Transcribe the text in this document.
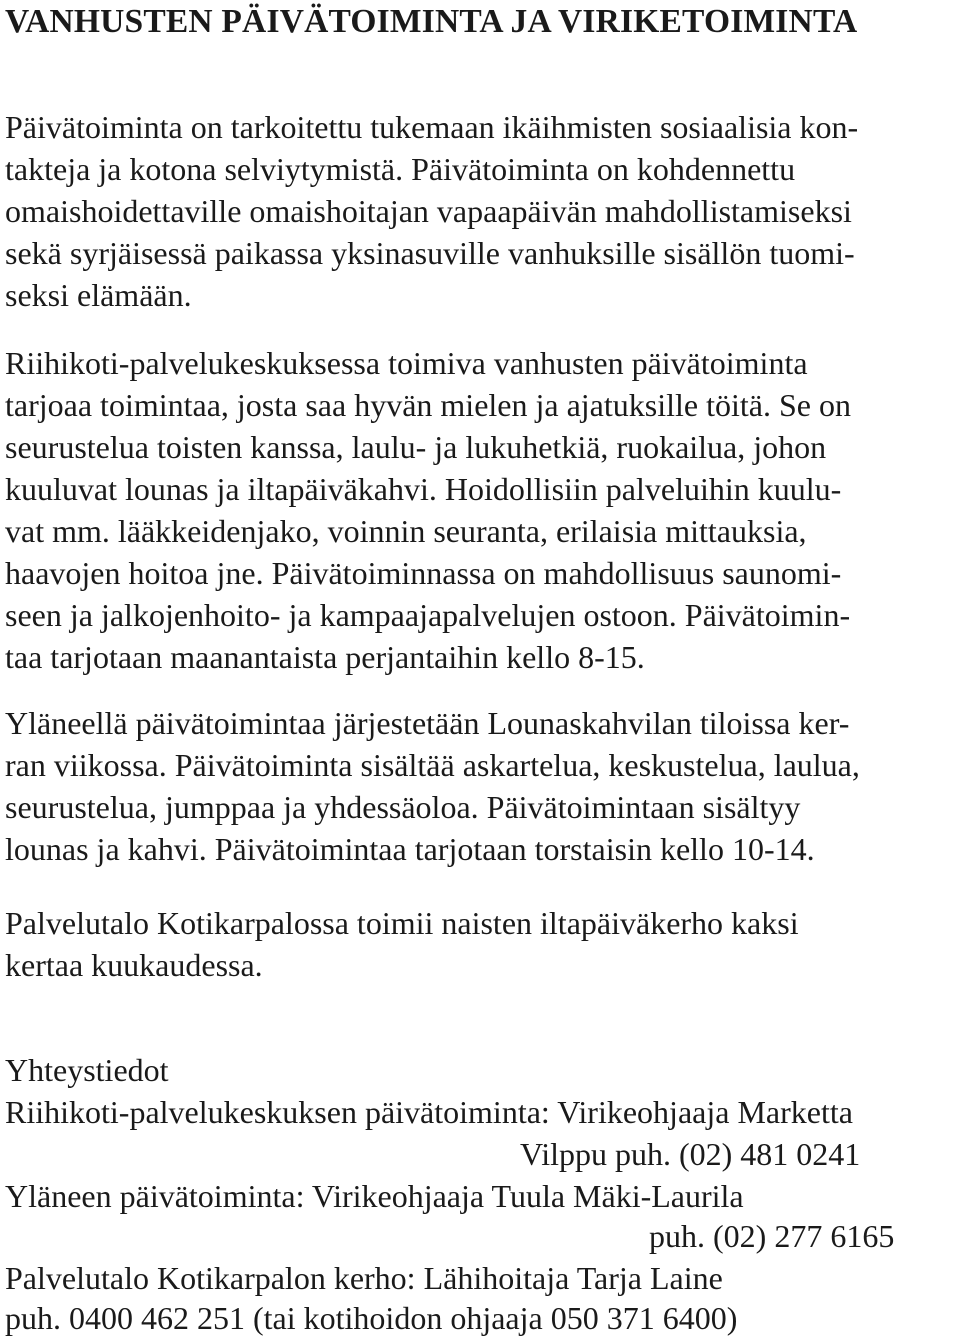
VANHUSTEN PÄIVÄTOIMINTA JA VIRIKETOIMINTA

Päivätoiminta on tarkoitettu tukemaan ikäihmisten sosiaalisia kon-

takteja ja kotona selviytymistä. Päivätoiminta on kohdennettu

omaishoidettaville omaishoitajan vapaapäivän mahdollistamiseksi

sekä syrjäisessä paikassa yksinasuville vanhuksille sisällön tuomi-

seksi elämään.

Riihikoti-palvelukeskuksessa toimiva vanhusten päivätoiminta

tarjoaa toimintaa, josta saa hyvän mielen ja ajatuksille töitä. Se on

seurustelua toisten kanssa, laulu- ja lukuhetkiä, ruokailua, johon

kuuluvat lounas ja iltapäiväkahvi. Hoidollisiin palveluihin kuulu-

vat mm. lääkkeidenjako, voinnin seuranta, erilaisia mittauksia,

haavojen hoitoa jne. Päivätoiminnassa on mahdollisuus saunomi-

seen ja jalkojenhoito- ja kampaajapalvelujen ostoon. Päivätoimin-

taa tarjotaan maanantaista perjantaihin kello 8-15.

Yläneellä päivätoimintaa järjestetään Lounaskahvilan tiloissa ker-

ran viikossa. Päivätoiminta sisältää askartelua, keskustelua, laulua,

seurustelua, jumppaa ja yhdessäoloa. Päivätoimintaan sisältyy

lounas ja kahvi. Päivätoimintaa tarjotaan torstaisin kello 10-14.

Palvelutalo Kotikarpalossa toimii naisten iltapäiväkerho kaksi

kertaa kuukaudessa.

Yhteystiedot

Riihikoti-palvelukeskuksen päivätoiminta: Virikeohjaaja Marketta

Vilppu puh. (02) 481 0241

Yläneen päivätoiminta: Virikeohjaaja Tuula Mäki-Laurila

puh. (02) 277 6165

Palvelutalo Kotikarpalon kerho: Lähihoitaja Tarja Laine

puh. 0400 462 251 (tai kotihoidon ohjaaja 050 371 6400)
